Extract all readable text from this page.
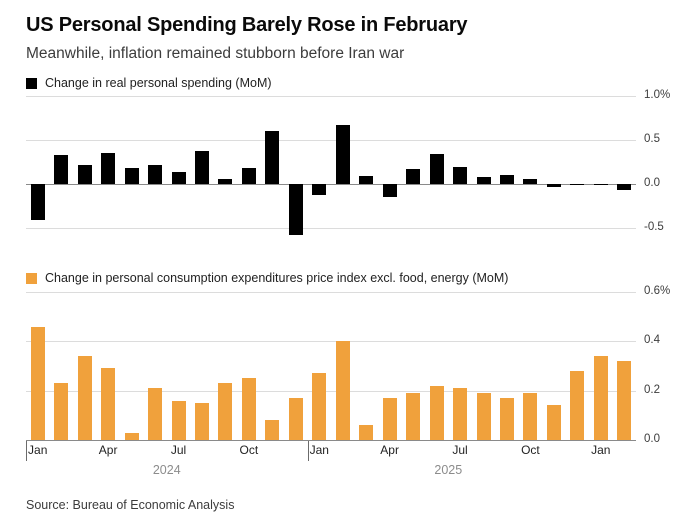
US Personal Spending Barely Rose in February
Meanwhile, inflation remained stubborn before Iran war
Change in real personal spending (MoM)
Change in personal consumption expenditures price index excl. food, energy (MoM)
1.0%
0.5
0.0
-0.5
0.6%
0.4
0.2
0.0
Jan	Apr	Jul	Oct	Jan	Apr	Jul	Oct	Jan
2024	2025
Source: Bureau of Economic Analysis
